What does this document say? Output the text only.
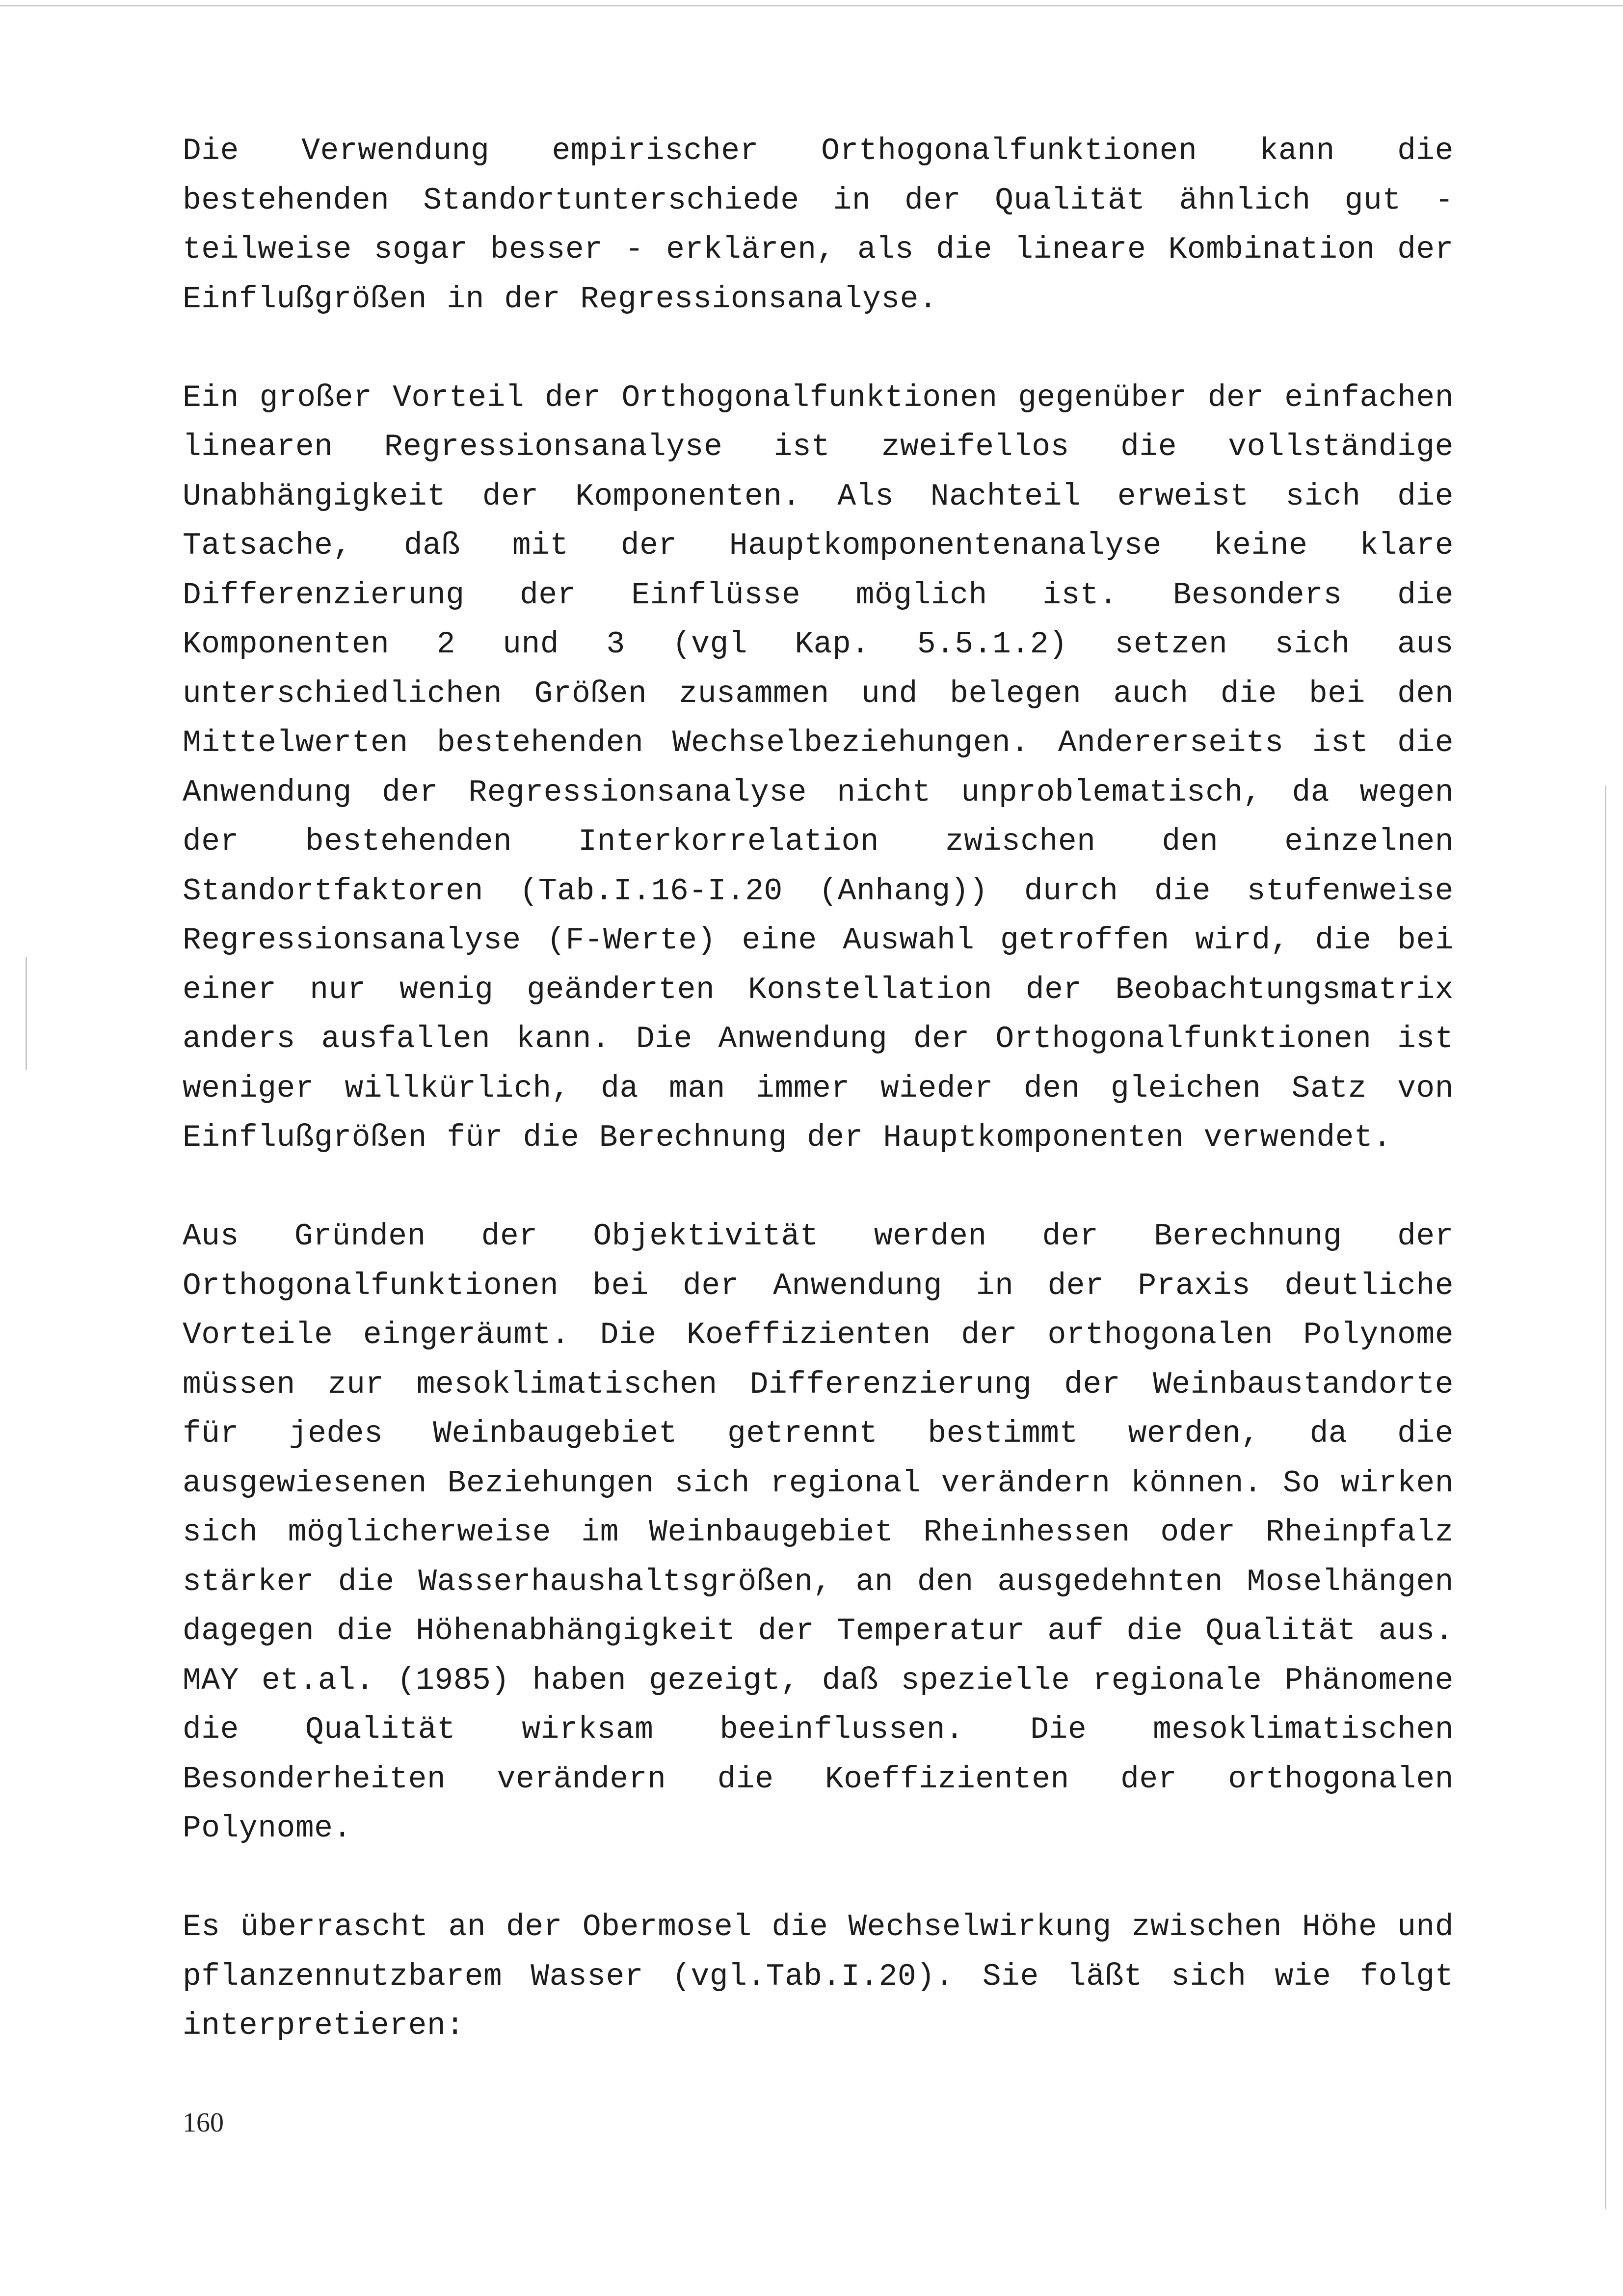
Die Verwendung empirischer Orthogonalfunktionen kann die bestehenden Standortunterschiede in der Qualität ähnlich gut - teilweise sogar besser - erklären, als die lineare Kombination der Einflußgrößen in der Regressionsanalyse.

Ein großer Vorteil der Orthogonalfunktionen gegenüber der einfachen linearen Regressionsanalyse ist zweifellos die vollständige Unabhängigkeit der Komponenten. Als Nachteil erweist sich die Tatsache, daß mit der Hauptkomponentenanalyse keine klare Differenzierung der Einflüsse möglich ist. Besonders die Komponenten 2 und 3 (vgl Kap. 5.5.1.2) setzen sich aus unterschiedlichen Größen zusammen und belegen auch die bei den Mittelwerten bestehenden Wechselbeziehungen. Andererseits ist die Anwendung der Regressionsanalyse nicht unproblematisch, da wegen der bestehenden Interkorrelation zwischen den einzelnen Standortfaktoren (Tab.I.16-I.20 (Anhang)) durch die stufenweise Regressionsanalyse (F-Werte) eine Auswahl getroffen wird, die bei einer nur wenig geänderten Konstellation der Beobachtungsmatrix anders ausfallen kann. Die Anwendung der Orthogonalfunktionen ist weniger willkürlich, da man immer wieder den gleichen Satz von Einflußgrößen für die Berechnung der Hauptkomponenten verwendet.

Aus Gründen der Objektivität werden der Berechnung der Orthogonalfunktionen bei der Anwendung in der Praxis deutliche Vorteile eingeräumt. Die Koeffizienten der orthogonalen Polynome müssen zur mesoklimatischen Differenzierung der Weinbaustandorte für jedes Weinbaugebiet getrennt bestimmt werden, da die ausgewiesenen Beziehungen sich regional verändern können. So wirken sich möglicherweise im Weinbaugebiet Rheinhessen oder Rheinpfalz stärker die Wasserhaushaltsgrößen, an den ausgedehnten Moselhängen dagegen die Höhenabhängigkeit der Temperatur auf die Qualität aus. MAY et.al. (1985) haben gezeigt, daß spezielle regionale Phänomene die Qualität wirksam beeinflussen. Die mesoklimatischen Besonderheiten verändern die Koeffizienten der orthogonalen Polynome.

Es überrascht an der Obermosel die Wechselwirkung zwischen Höhe und pflanzennutzbarem Wasser (vgl.Tab.I.20). Sie läßt sich wie folgt interpretieren:

160
